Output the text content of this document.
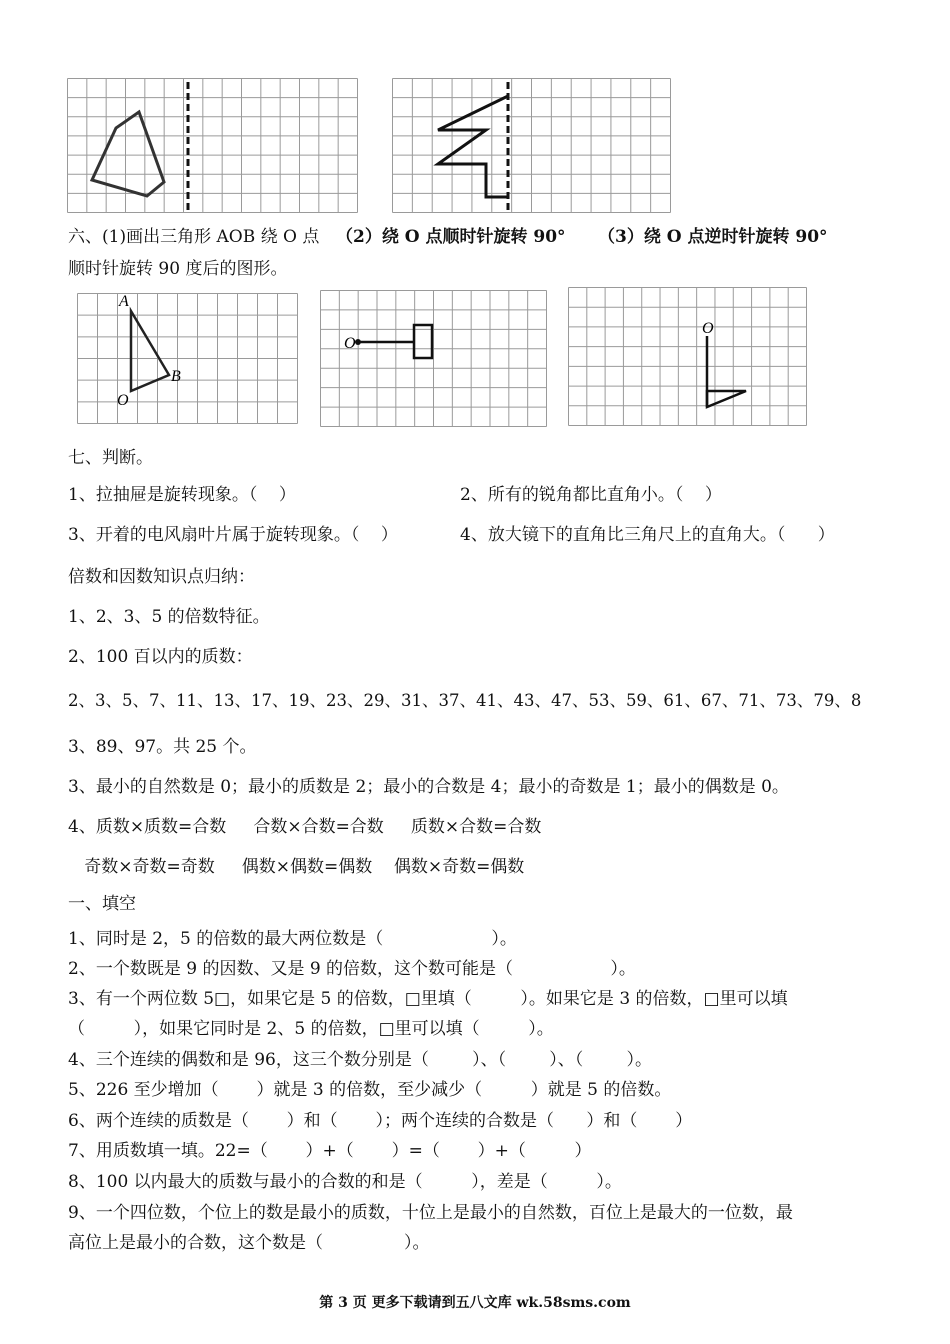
六、(1)画出三角形 AOB 绕 O 点 （2）绕 O 点顺时针旋转 90° （3）绕 O 点逆时针旋转 90°
顺时针旋转 90 度后的图形。
A
B
O
O
O
七、判断。
1、拉抽屉是旋转现象。（    ）	2、所有的锐角都比直角小。（    ）
3、开着的电风扇叶片属于旋转现象。（    ）	4、放大镜下的直角比三角尺上的直角大。（      ）
倍数和因数知识点归纳：
1、2、3、5 的倍数特征。
2、100 百以内的质数：
2、3、5、7、11、13、17、19、23、29、31、37、41、43、47、53、59、61、67、71、73、79、8
3、89、97。共 25 个。
3、最小的自然数是 0；最小的质数是 2；最小的合数是 4；最小的奇数是 1；最小的偶数是 0。
4、质数×质数=合数     合数×合数=合数     质数×合数=合数
奇数×奇数=奇数     偶数×偶数=偶数    偶数×奇数=偶数
一、填空
1、同时是 2，5 的倍数的最大两位数是（                    ）。
2、一个数既是 9 的因数、又是 9 的倍数，这个数可能是（                  ）。
3、有一个两位数 5□，如果它是 5 的倍数，□里填（         ）。如果它是 3 的倍数，□里可以填
（         ），如果它同时是 2、5 的倍数，□里可以填（         ）。
4、三个连续的偶数和是 96，这三个数分别是（        ）、（        ）、（        ）。
5、226 至少增加（       ）就是 3 的倍数，至少减少（         ）就是 5 的倍数。
6、两个连续的质数是（       ）和（       ）；两个连续的合数是（      ）和（       ）
7、用质数填一填。22=（       ）+（       ）=（       ）+（         ）
8、100 以内最大的质数与最小的合数的和是（         ），差是（         ）。
9、一个四位数，个位上的数是最小的质数，十位上是最小的自然数，百位上是最大的一位数，最
高位上是最小的合数，这个数是（               ）。
第 3 页 更多下载请到五八文库 wk.58sms.com
